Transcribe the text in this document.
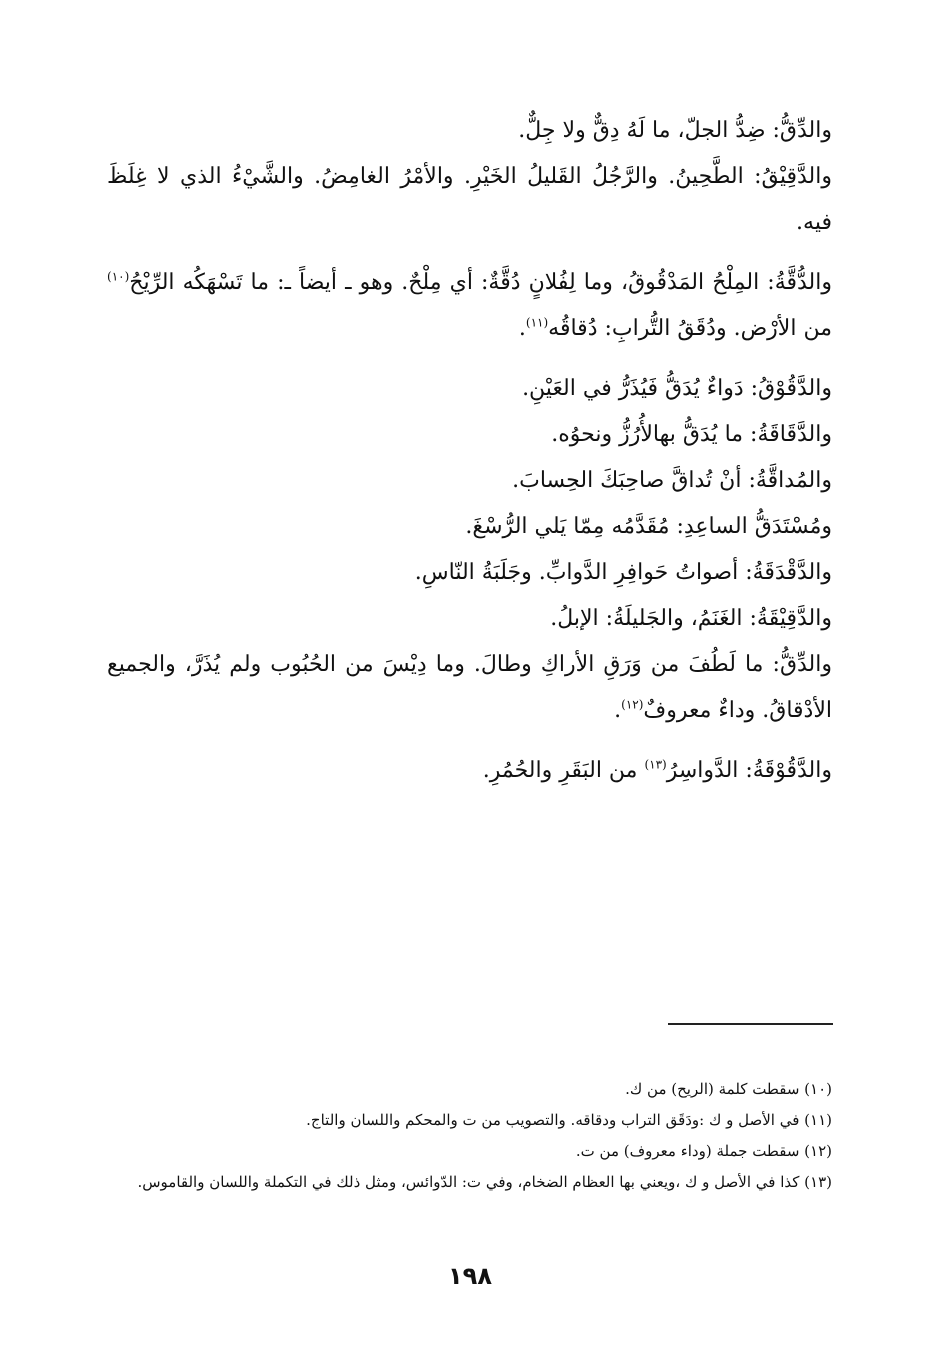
والدِّقُّ: ضِدُّ الجلّ، ما لَهُ دِقٌّ ولا جِلٌّ.

والدَّقِيْقُ: الطَّحِينُ. والرَّجُلُ القَليلُ الخَيْرِ. والأمْرُ الغامِضُ. والشَّيْءُ الذي لا غِلَظَ فيه.

والدُّقَّةُ: المِلْحُ المَدْقُوقُ، وما لِفُلانٍ دُقَّةٌ: أي مِلْحٌ. وهو ـ أيضاً ـ: ما تَسْهَكُه الرِّيْحُ$^{(١٠)}$ من الأرْض. ودُقَقُ التُّرابِ: دُقاقُه$^{(١١)}$.

والدَّقُوْقُ: دَواءٌ يُدَقُّ فَيُذَرُّ في العَيْنِ.

والدَّقَاقَةُ: ما يُدَقُّ بهالأُرُزُّ ونحوُه.

والمُداقَّةُ: أنْ تُداقَّ صاحِبَكَ الحِسابَ.

ومُسْتَدَقُّ الساعِدِ: مُقَدَّمُه مِمّا يَلي الرُّسْغَ.

والدَّقْدَقَةُ: أصواتُ حَوافِرِ الدَّوابِّ. وجَلَبَةُ النّاسِ.

والدَّقِيْقَةُ: الغَنَمُ، والجَليلَةُ: الإبلُ.

والدِّقُّ: ما لَطُفَ من وَرَقِ الأراكِ وطالَ. وما دِيْسَ من الحُبُوب ولم يُذَرَّ، والجميع الأدْقاقُ. وداءٌ معروفٌ$^{(١٢)}$.

والدَّقُوْقَةُ: الدَّواسِرُ$^{(١٣)}$ من البَقَرِ والحُمُرِ.

(١٠) سقطت كلمة (الريح) من ك.

(١١) في الأصل و ك :ودَقَق التراب ودقاقه. والتصويب من ت والمحكم واللسان والتاج.

(١٢) سقطت جملة (وداء معروف) من ت.

(١٣) كذا في الأصل و ك ،ويعني بها العظام الضخام، وفي ت: الدّوائس، ومثل ذلك في التكملة واللسان والقاموس.

١٩٨
